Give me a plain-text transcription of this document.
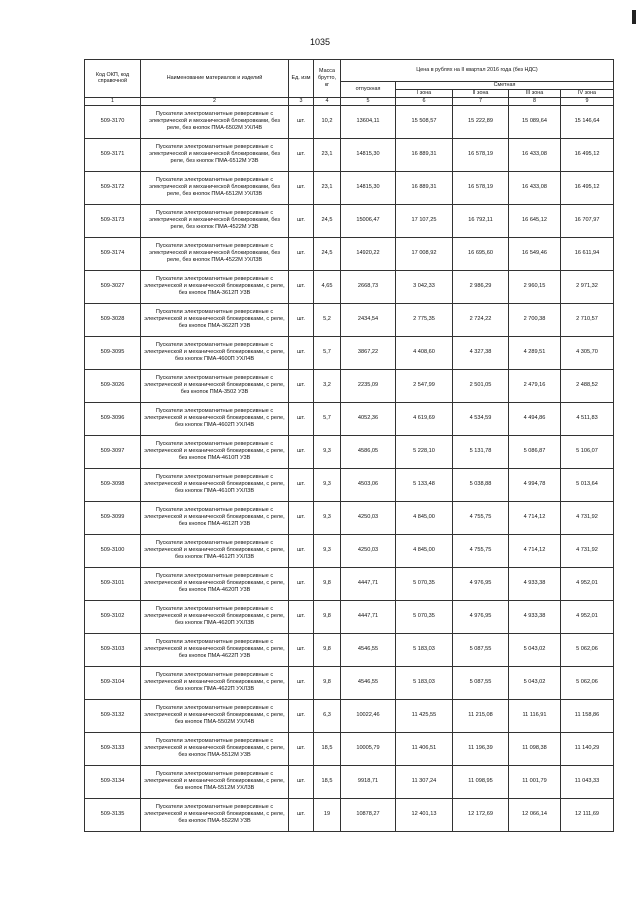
1035
Код ОКП, код справочной	Наименование материалов и изделий	Ед. изм	Масса брутто, кг	Цена в рублях на II квартал 2016 года (без НДС)				
				отпускная	Сметная			
					I зона	II зона	III зона	IV зона
1	2	3	4	5	6	7	8	9
509-3170	Пускатели электромагнитные реверсивные с электрической и механической блокировками, без реле, без кнопок ПМА-6502М УХЛ4В	шт.	10,2	13604,11	15 508,57	15 222,89	15 089,64	15 146,64
509-3171	Пускатели электромагнитные реверсивные с электрической и механической блокировками, без реле, без кнопок ПМА-6512М У3В	шт.	23,1	14815,30	16 889,31	16 578,19	16 433,08	16 495,12
509-3172	Пускатели электромагнитные реверсивные с электрической и механической блокировками, без реле, без кнопок ПМА-6512М УХЛ3В	шт.	23,1	14815,30	16 889,31	16 578,19	16 433,08	16 495,12
509-3173	Пускатели электромагнитные реверсивные с электрической и механической блокировками, без реле, без кнопок ПМА-4522М У3В	шт.	24,5	15006,47	17 107,25	16 792,11	16 645,12	16 707,97
509-3174	Пускатели электромагнитные реверсивные с электрической и механической блокировками, без реле, без кнопок ПМА-4522М УХЛ3В	шт.	24,5	14920,22	17 008,92	16 695,60	16 549,46	16 611,94
509-3027	Пускатели электромагнитные реверсивные с электрической и механической блокировками, с реле, без кнопок ПМА-3612П У3В	шт.	4,65	2668,73	3 042,33	2 986,29	2 960,15	2 971,32
509-3028	Пускатели электромагнитные реверсивные с электрической и механической блокировками, с реле, без кнопок ПМА-3622П У3В	шт.	5,2	2434,54	2 775,35	2 724,22	2 700,38	2 710,57
509-3095	Пускатели электромагнитные реверсивные с электрической и механической блокировками, с реле, без кнопок ПМА-4600П УХЛ4В	шт.	5,7	3867,22	4 408,60	4 327,38	4 289,51	4 305,70
509-3026	Пускатели электромагнитные реверсивные с электрической и механической блокировками, с реле, без кнопок ПМА-3502 У3В	шт.	3,2	2235,09	2 547,99	2 501,05	2 479,16	2 488,52
509-3096	Пускатели электромагнитные реверсивные с электрической и механической блокировками, с реле, без кнопок ПМА-4602П УХЛ4В	шт.	5,7	4052,36	4 619,69	4 534,59	4 494,86	4 511,83
509-3097	Пускатели электромагнитные реверсивные с электрической и механической блокировками, с реле, без кнопок ПМА-4610П У3В	шт.	9,3	4586,05	5 228,10	5 131,78	5 086,87	5 106,07
509-3098	Пускатели электромагнитные реверсивные с электрической и механической блокировками, с реле, без кнопок ПМА-4610П УХЛ3В	шт.	9,3	4503,06	5 133,48	5 038,88	4 994,78	5 013,64
509-3099	Пускатели электромагнитные реверсивные с электрической и механической блокировками, с реле, без кнопок ПМА-4612П У3В	шт.	9,3	4250,03	4 845,00	4 755,75	4 714,12	4 731,92
509-3100	Пускатели электромагнитные реверсивные с электрической и механической блокировками, с реле, без кнопок ПМА-4612П УХЛ3В	шт.	9,3	4250,03	4 845,00	4 755,75	4 714,12	4 731,92
509-3101	Пускатели электромагнитные реверсивные с электрической и механической блокировками, с реле, без кнопок ПМА-4620П У3В	шт.	9,8	4447,71	5 070,35	4 976,95	4 933,38	4 952,01
509-3102	Пускатели электромагнитные реверсивные с электрической и механической блокировками, с реле, без кнопок ПМА-4620П УХЛ3В	шт.	9,8	4447,71	5 070,35	4 976,95	4 933,38	4 952,01
509-3103	Пускатели электромагнитные реверсивные с электрической и механической блокировками, с реле, без кнопок ПМА-4622П У3В	шт.	9,8	4546,55	5 183,03	5 087,55	5 043,02	5 062,06
509-3104	Пускатели электромагнитные реверсивные с электрической и механической блокировками, с реле, без кнопок ПМА-4622П УХЛ3В	шт.	9,8	4546,55	5 183,03	5 087,55	5 043,02	5 062,06
509-3132	Пускатели электромагнитные реверсивные с электрической и механической блокировками, с реле, без кнопок ПМА-5502М УХЛ4В	шт.	6,3	10022,46	11 425,55	11 215,08	11 116,91	11 158,86
509-3133	Пускатели электромагнитные реверсивные с электрической и механической блокировками, с реле, без кнопок ПМА-5512М У3В	шт.	18,5	10005,79	11 406,51	11 196,39	11 098,38	11 140,29
509-3134	Пускатели электромагнитные реверсивные с электрической и механической блокировками, с реле, без кнопок ПМА-5512М УХЛ3В	шт.	18,5	9918,71	11 307,24	11 098,95	11 001,79	11 043,33
509-3135	Пускатели электромагнитные реверсивные с электрической и механической блокировками, с реле, без кнопок ПМА-5522М У3В	шт.	19	10878,27	12 401,13	12 172,69	12 066,14	12 111,69
